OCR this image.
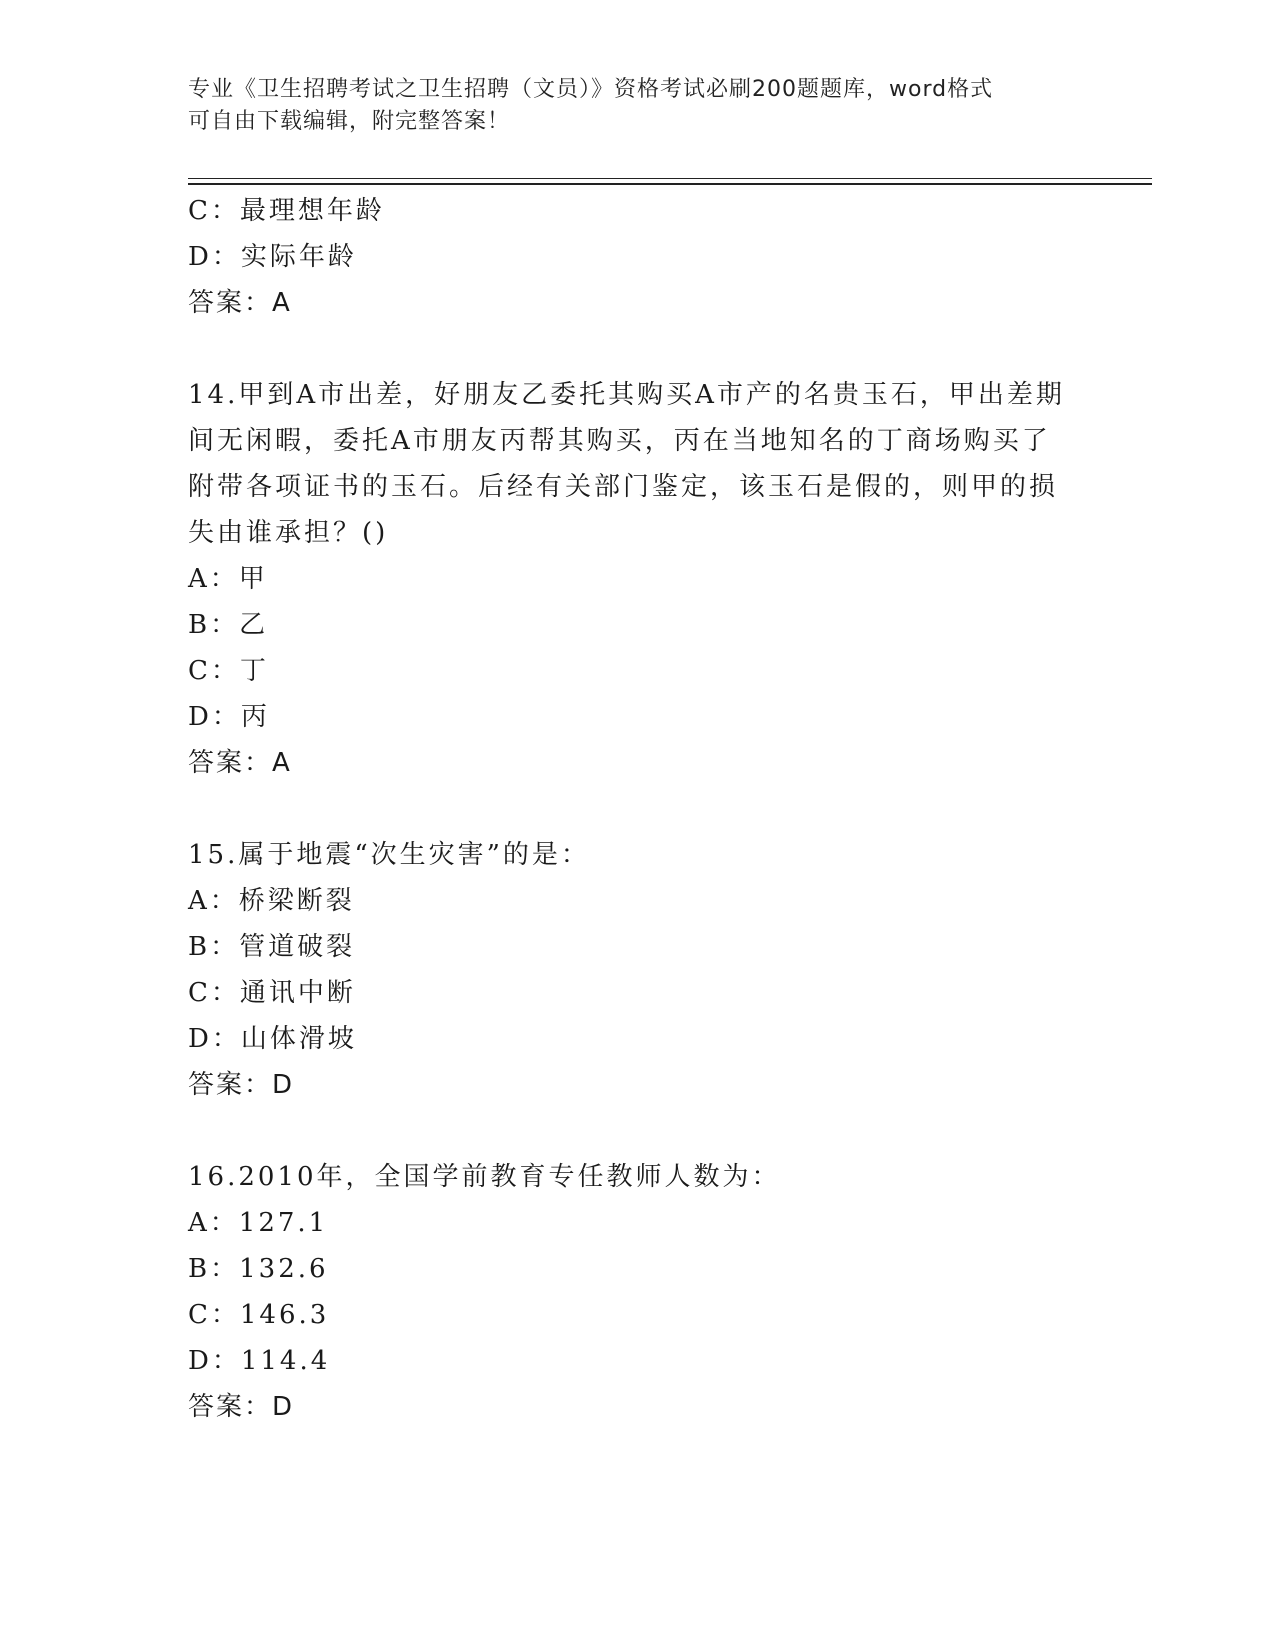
专业《卫生招聘考试之卫生招聘（文员）》资格考试必刷200题题库，word格式
可自由下载编辑，附完整答案！
C：最理想年龄
D：实际年龄
答案：A
14.甲到A市出差，好朋友乙委托其购买A市产的名贵玉石，甲出差期
间无闲暇，委托A市朋友丙帮其购买，丙在当地知名的丁商场购买了
附带各项证书的玉石。后经有关部门鉴定，该玉石是假的，则甲的损
失由谁承担？()
A：甲
B：乙
C：丁
D：丙
答案：A
15.属于地震“次生灾害”的是：
A：桥梁断裂
B：管道破裂
C：通讯中断
D：山体滑坡
答案：D
16.2010年，全国学前教育专任教师人数为：
A：127.1
B：132.6
C：146.3
D：114.4
答案：D
